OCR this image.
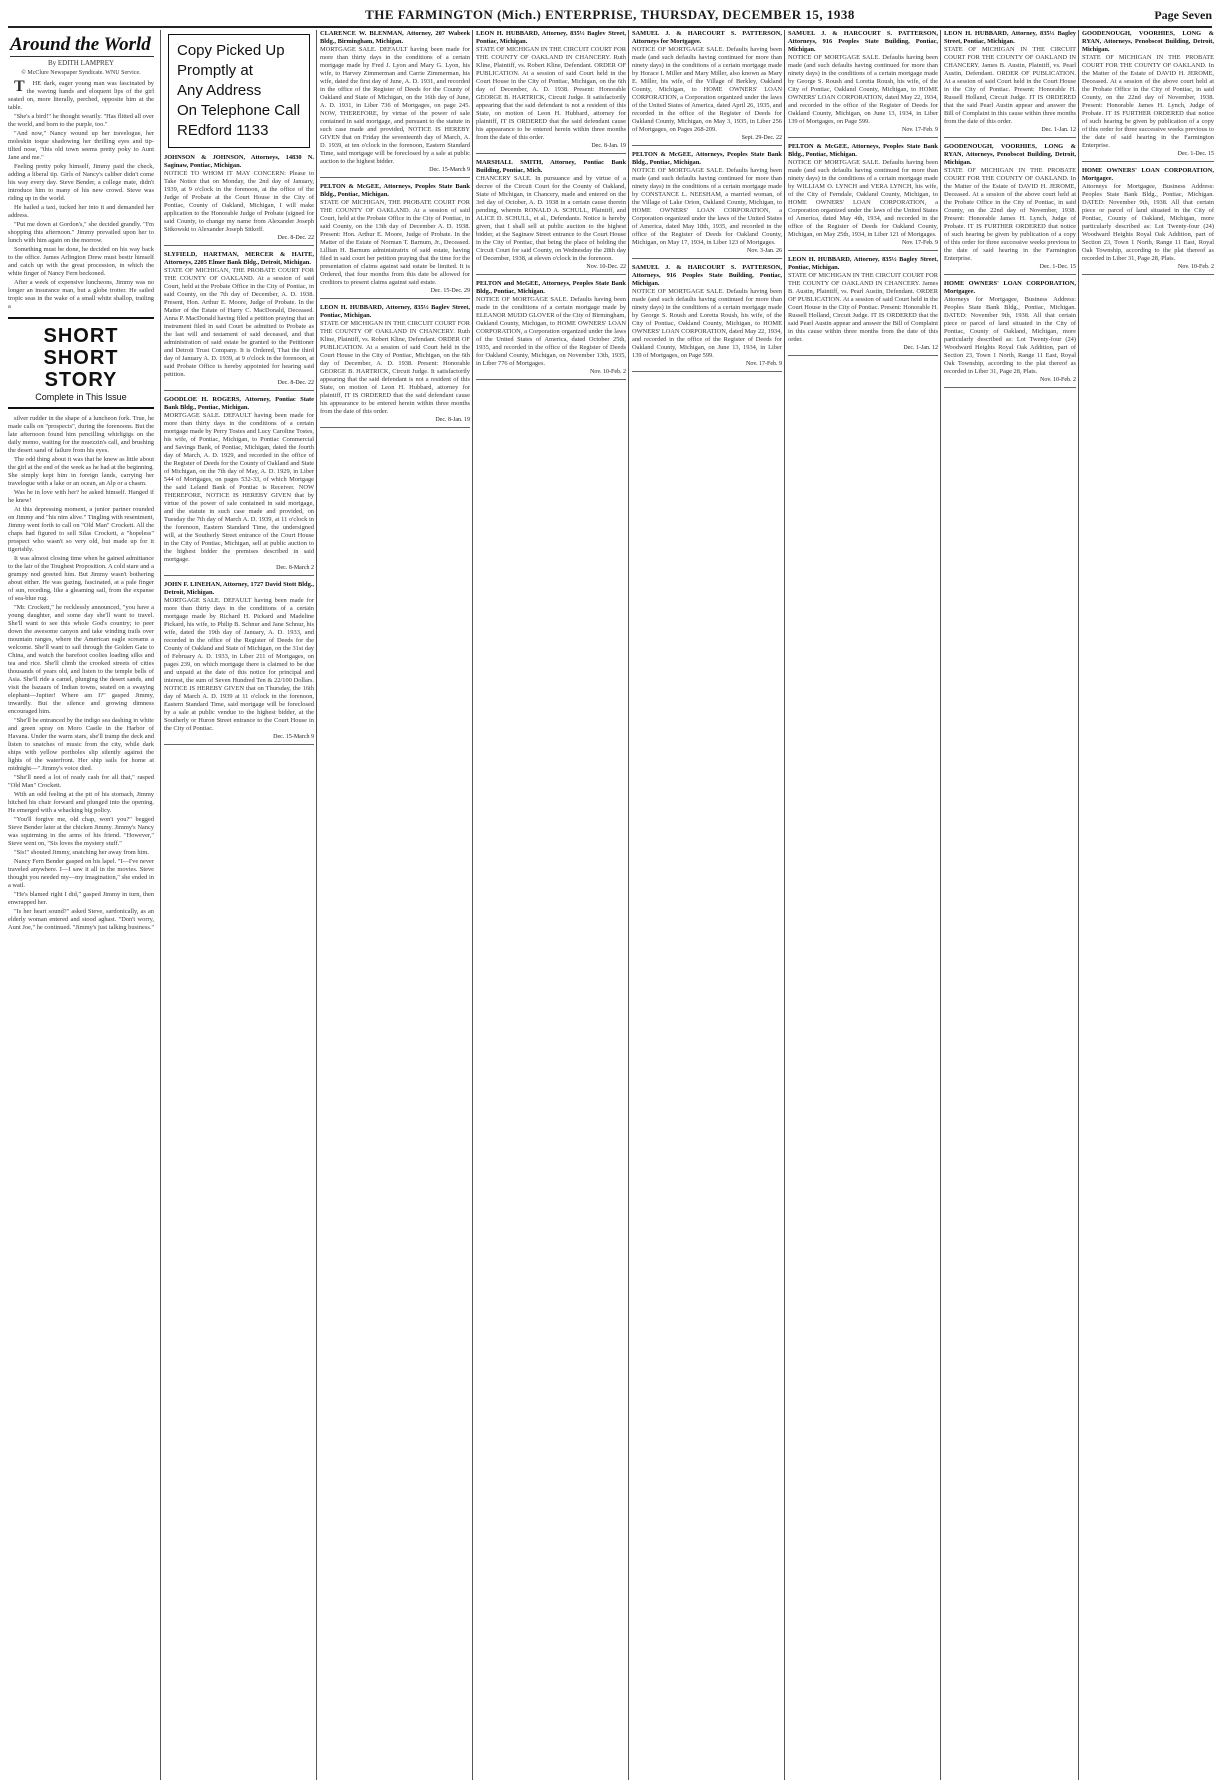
THE FARMINGTON (Mich.) ENTERPRISE, THURSDAY, DECEMBER 15, 1938	Page Seven
Around the World
By EDITH LAMPREY
© McClure Newspaper Syndicate. WNU Service.

THE dark, eager young man was fascinated by the waving hands and eloquent lips of the girl seated on, more literally, perched, opposite him at the table.

"She's a bird!" he thought wearily. "Has flitted all over the world, and born to the purple, too."

"And now," Nancy wound up her travelogue, her moleskin toque shadowing her thrilling eyes and tip-tilted nose, "this old town seems pretty poky to Aunt Jane and me."

Feeling pretty poky himself, Jimmy paid the check, adding a liberal tip. Girls of Nancy's caliber didn't come his way every day. Steve Bender, a college mate, didn't introduce him to many of his new crowd. Steve was riding up in the world.

He hailed a taxi, tucked her into it and demanded her address.

"Put me down at Gordon's," she decided grandly. "I'm shopping this afternoon." Jimmy prevailed upon her to lunch with him again on the morrow.

Something must be done, he decided on his way back to the office. James Arlington Drew must bestir himself and catch up with the great procession, in which the white finger of Nancy Fern beckoned.

After a week of expensive luncheons, Jimmy was no longer an insurance man, but a globe trotter. He sailed tropic seas in the wake of a small white shallop, trailing a

SHORT SHORT STORY
Complete in This Issue

silver rudder in the shape of a luncheon fork. True, he made calls on "prospects", during the forenoons. But the late afternoon found him pencilling whirligigs on the daily memo, waiting for the muezzin's call, and brushing the desert sand of failure from his eyes.

The odd thing about it was that he knew as little about the girl at the end of the week as he had at the beginning. She simply kept him in foreign lands, carrying her travelogue with a lake or an ocean, an Alp or a chasm.

Was he in love with her? he asked himself. Hanged if he knew!

At this depressing moment, a junior partner rounded on Jimmy and "his nim alive." Tingling with resentment, Jimmy went forth to call on "Old Man" Crockett. All the chaps had figured to sell Silas Crockett, a "hopeless" prospect who wasn't so very old, but made up for it tigerishly.

It was almost closing time when he gained admittance to the lair of the Toughest Proposition. A cold stare and a grumpy nod greeted him. But Jimmy wasn't bothering about either. He was gazing, fascinated, at a pale finger of sun, receding, like a gleaming sail, from the expanse of sea-blue rug.

"Mr. Crockett," he recklessly announced, "you have a young daughter, and some day she'll want to travel. She'll want to see this whole God's country; to peer down the awesome canyon and take winding trails over mountain ranges, where the American eagle screams a welcome. She'll want to sail through the Golden Gate to China, and watch the barefoot coolies loading silks and tea and rice. She'll climb the crooked streets of cities thousands of years old, and listen to the temple bells of Asia. She'll ride a camel, plunging the desert sands, and visit the bazaars of Indian towns, seated on a swaying elephant—Jupiter! Where am I?" gasped Jimmy, inwardly. But the silence and growing dimness encouraged him.

"She'll be entranced by the indigo sea dashing in white and green spray on Moro Castle in the Harbor of Havana. Under the warm stars, she'll tramp the deck and listen to snatches of music from the city, while dark ships with yellow portholes slip silently against the lights of the waterfront. Her ship sails for home at midnight—" Jimmy's voice died.

"She'll need a lot of ready cash for all that," rasped "Old Man" Crockett.

With an odd feeling at the pit of his stomach, Jimmy hitched his chair forward and plunged into the opening. He emerged with a whacking big policy.

"You'll forgive me, old chap, won't you?" begged Steve Bender later at the chicken Jimmy. Jimmy's Nancy was squirming in the arms of his friend. "However," Steve went on, "Sis loves the mystery stuff."

"Sis!" shouted Jimmy, snatching her away from him.

Nancy Fern Bender gasped on his lapel. "I—I've never traveled anywhere. I—I saw it all in the movies. Steve thought you needed my—my imagination," she ended in a wail.

"He's blamed right I did," gasped Jimmy in turn, then enwrapped her.

"Is her heart sound?" asked Steve, sardonically, as an elderly woman entered and stood aghast. "Don't worry, Aunt Joe," he continued. "Jimmy's just talking business."

Copy Picked Up
Promptly at
Any Address
On Telephone Call
REdford 1133
JOHNSON & JOHNSON, Attorneys, 14830 N. Saginaw, Pontiac, Michigan.
NOTICE TO WHOM IT MAY CONCERN: Please to Take Notice that on Monday, the 2nd day of January, 1939, at 9 o'clock in the forenoon, at the office of the Judge of Probate at the Court House in the City of Pontiac, County of Oakland, Michigan, I will make application to the Honorable Judge of Probate (signed for said County, to change my name from Alexander Joseph Sitkowski to Alexander Joseph Sitkoff.
Dec. 8-Dec. 22
SLYFIELD, HARTMAN, MERCER & HAITE, Attorneys, 2205 Elmer Bank Bldg., Detroit, Michigan.
STATE OF MICHIGAN, THE PROBATE COURT FOR THE COUNTY OF OAKLAND. At a session of said Court, held at the Probate Office in the City of Pontiac, in said County, on the 7th day of December, A. D. 1938. Present, Hon. Arthur E. Moore, Judge of Probate. In the Matter of the Estate of Harry C. MacDonald, Deceased. Anna P. MacDonald having filed a petition praying that an instrument filed in said Court be admitted to Probate as the last will and testament of said deceased, and that administration of said estate be granted to the Petitioner and Detroit Trust Company. It is Ordered, That the third day of January A. D. 1939, at 9 o'clock in the forenoon, at said Probate Office is hereby appointed for hearing said petition.
Dec. 8-Dec. 22
GOODLOE H. ROGERS, Attorney, Pontiac State Bank Bldg., Pontiac, Michigan.
MORTGAGE SALE. DEFAULT having been made for more than thirty days in the conditions of a certain mortgage made by Perry Tostes and Lucy Caroline Tostes, his wife, of Pontiac, Michigan, to Pontiac Commercial and Savings Bank, of Pontiac, Michigan, dated the fourth day of March, A. D. 1929, and recorded in the office of the Register of Deeds for the County of Oakland and State of Michigan, on the 7th day of May, A. D. 1929, in Liber 544 of Mortgages, on pages 532-33, of which Mortgage the said Leland Bank of Pontiac is Receiver. NOW THEREFORE, NOTICE IS HEREBY GIVEN that by virtue of the power of sale contained in said mortgage, and the statute in such case made and provided, on Tuesday the 7th day of March A. D. 1939, at 11 o'clock in the forenoon, Eastern Standard Time, the undersigned will, at the Southerly Street entrance of the Court House in the City of Pontiac, Michigan, sell at public auction to the highest bidder the premises described in said mortgage.
Dec. 8-March 2
JOHN F. LINEHAN, Attorney, 1727 David Stott Bldg., Detroit, Michigan.
MORTGAGE SALE. DEFAULT having been made for more than thirty days in the conditions of a certain mortgage made by Richard H. Pickard and Madeline Pickard, his wife, to Philip B. Schnur and Jane Schnur, his wife, dated the 19th day of January, A. D. 1933, and recorded in the office of the Register of Deeds for the County of Oakland and State of Michigan, on the 31st day of February A. D. 1933, in Liber 211 of Mortgages, on pages 239, on which mortgage there is claimed to be due and unpaid at the date of this notice for principal and interest, the sum of Seven Hundred Ten & 22/100 Dollars. NOTICE IS HEREBY GIVEN that on Thursday, the 16th day of March A. D. 1939 at 11 o'clock in the forenoon, Eastern Standard Time, said mortgage will be foreclosed by a sale at public vendue to the highest bidder, at the Southerly or Huron Street entrance to the Court House in the City of Pontiac.
Dec. 15-March 9
CLARENCE W. BLENMAN, Attorney, 207 Wabeek Bldg., Birmingham, Michigan.
MORTGAGE SALE. DEFAULT having been made for more than thirty days in the conditions of a certain mortgage made by Fred J. Lyon and Mary G. Lyon, his wife, to Harvey Zimmerman and Carrie Zimmerman, his wife, dated the first day of June, A. D. 1931, and recorded in the office of the Register of Deeds for the County of Oakland and State of Michigan, on the 16th day of June, A. D. 1931, in Liber 736 of Mortgages, on page 245. NOW, THEREFORE, by virtue of the power of sale contained in said mortgage, and pursuant to the statute in such case made and provided, NOTICE IS HEREBY GIVEN that on Friday the seventeenth day of March, A. D. 1939, at ten o'clock in the forenoon, Eastern Standard Time, said mortgage will be foreclosed by a sale at public auction to the highest bidder.
Dec. 15-March 9
PELTON & McGEE, Attorneys, Peoples State Bank Bldg., Pontiac, Michigan.
STATE OF MICHIGAN, THE PROBATE COURT FOR THE COUNTY OF OAKLAND. At a session of said Court, held at the Probate Office in the City of Pontiac, in said County, on the 13th day of December A. D. 1938. Present: Hon. Arthur E. Moore, Judge of Probate. In the Matter of the Estate of Norman T. Barnum, Jr., Deceased. Lillian H. Barnum administratrix of said estate, having filed in said court her petition praying that the time for the presentation of claims against said estate be limited. It is Ordered, that four months from this date be allowed for creditors to present claims against said estate.
Dec. 15-Dec. 29
LEON H. HUBBARD, Attorney, 835½ Baglev Street, Pontiac, Michigan.
STATE OF MICHIGAN IN THE CIRCUIT COURT FOR THE COUNTY OF OAKLAND IN CHANCERY. Ruth Kline, Plaintiff, vs. Robert Kline, Defendant. ORDER OF PUBLICATION. At a session of said Court held in the Court House in the City of Pontiac, Michigan, on the 6th day of December, A. D. 1938. Present: Honorable GEORGE B. HARTRICK, Circuit Judge. It satisfactorily appearing that the said defendant is not a resident of this State, on motion of Leon H. Hubbard, attorney for plaintiff, IT IS ORDERED that the said defendant cause his appearance to be entered herein within three months from the date of this order.
Dec. 8-Jan. 19
LEON H. HUBBARD, Attorney, 835½ Baglev Street, Pontiac, Michigan.
STATE OF MICHIGAN IN THE CIRCUIT COURT FOR THE COUNTY OF OAKLAND IN CHANCERY. Ruth Kline, Plaintiff, vs. Robert Kline, Defendant. ORDER OF PUBLICATION. At a session of said Court held in the Court House in the City of Pontiac, Michigan, on the 6th day of December, A. D. 1938. Present: Honorable GEORGE B. HARTRICK, Circuit Judge. It satisfactorily appearing that the said defendant is not a resident of this State, on motion of Leon H. Hubbard, attorney for plaintiff, IT IS ORDERED that the said defendant cause his appearance to be entered herein within three months from the date of this order.
Dec. 8-Jan. 19
MARSHALL SMITH, Attorney, Pontiac Bank Building, Pontiac, Mich.
CHANCERY SALE. In pursuance and by virtue of a decree of the Circuit Court for the County of Oakland, State of Michigan, in Chancery, made and entered on the 3rd day of October, A. D. 1938 in a certain cause therein pending, wherein RONALD A. SCHULL, Plaintiff, and ALICE D. SCHULL, et al., Defendants. Notice is hereby given, that I shall sell at public auction to the highest bidder, at the Saginaw Street entrance to the Court House in the City of Pontiac, that being the place of holding the Circuit Court for said County, on Wednesday the 28th day of December, 1938, at eleven o'clock in the forenoon.
Nov. 10-Dec. 22
PELTON and McGEE, Attorneys, Peoples State Bank Bldg., Pontiac, Michigan.
NOTICE OF MORTGAGE SALE. Defaults having been made in the conditions of a certain mortgage made by ELEANOR MUDD GLOVER of the City of Birmingham, Oakland County, Michigan, to HOME OWNERS' LOAN CORPORATION, a Corporation organized under the laws of the United States of America, dated October 25th, 1935, and recorded in the office of the Register of Deeds for Oakland County, Michigan, on November 13th, 1935, in Liber 776 of Mortgages.
Nov. 10-Feb. 2
SAMUEL J. & HARCOURT S. PATTERSON, Attorneys for Mortgagee.
NOTICE OF MORTGAGE SALE. Defaults having been made (and such defaults having continued for more than ninety days) in the conditions of a certain mortgage made by Horace I. Miller and Mary Miller, also known as Mary E. Miller, his wife, of the Village of Berkley, Oakland County, Michigan, to HOME OWNERS' LOAN CORPORATION, a Corporation organized under the laws of the United States of America, dated April 26, 1935, and recorded in the office of the Register of Deeds for Oakland County, Michigan, on May 3, 1935, in Liber 256 of Mortgages, on Pages 268-209.
Sept. 29-Dec. 22
PELTON & McGEE, Attorneys, Peoples State Bank Bldg., Pontiac, Michigan.
NOTICE OF MORTGAGE SALE. Defaults having been made (and such defaults having continued for more than ninety days) in the conditions of a certain mortgage made by CONSTANCE L. NEESHAM, a married woman, of the Village of Lake Orion, Oakland County, Michigan, to HOME OWNERS' LOAN CORPORATION, a Corporation organized under the laws of the United States of America, dated May 18th, 1935, and recorded in the office of the Register of Deeds for Oakland County, Michigan, on May 17, 1934, in Liber 123 of Mortgages.
Nov. 3-Jan. 26
SAMUEL J. & HARCOURT S. PATTERSON, Attorneys, 916 Peoples State Building, Pontiac, Michigan.
NOTICE OF MORTGAGE SALE. Defaults having been made (and such defaults having continued for more than ninety days) in the conditions of a certain mortgage made by George S. Roush and Loretta Roush, his wife, of the City of Pontiac, Oakland County, Michigan, to HOME OWNERS' LOAN CORPORATION, dated May 22, 1934, and recorded in the office of the Register of Deeds for Oakland County, Michigan, on June 13, 1934, in Liber 139 of Mortgages, on Page 599.
Nov. 17-Feb. 9
SAMUEL J. & HARCOURT S. PATTERSON, Attorneys, 916 Peoples State Building, Pontiac, Michigan.
NOTICE OF MORTGAGE SALE. Defaults having been made (and such defaults having continued for more than ninety days) in the conditions of a certain mortgage made by George S. Roush and Loretta Roush, his wife, of the City of Pontiac, Oakland County, Michigan, to HOME OWNERS' LOAN CORPORATION, dated May 22, 1934, and recorded in the office of the Register of Deeds for Oakland County, Michigan, on June 13, 1934, in Liber 139 of Mortgages, on Page 599.
Nov. 17-Feb. 9
PELTON & McGEE, Attorneys, Peoples State Bank Bldg., Pontiac, Michigan.
NOTICE OF MORTGAGE SALE. Defaults having been made (and such defaults having continued for more than ninety days) in the conditions of a certain mortgage made by WILLIAM O. LYNCH and VERA LYNCH, his wife, of the City of Ferndale, Oakland County, Michigan, to HOME OWNERS' LOAN CORPORATION, a Corporation organized under the laws of the United States of America, dated May 4th, 1934, and recorded in the office of the Register of Deeds for Oakland County, Michigan, on May 25th, 1934, in Liber 121 of Mortgages.
Nov. 17-Feb. 9
LEON H. HUBBARD, Attorney, 835½ Bagley Street, Pontiac, Michigan.
STATE OF MICHIGAN IN THE CIRCUIT COURT FOR THE COUNTY OF OAKLAND IN CHANCERY. James B. Austin, Plaintiff, vs. Pearl Austin, Defendant. ORDER OF PUBLICATION. At a session of said Court held in the Court House in the City of Pontiac. Present: Honorable H. Russell Holland, Circuit Judge. IT IS ORDERED that the said Pearl Austin appear and answer the Bill of Complaint in this cause within three months from the date of this order.
Dec. 1-Jan. 12
LEON H. HUBBARD, Attorney, 835½ Bagley Street, Pontiac, Michigan.
STATE OF MICHIGAN IN THE CIRCUIT COURT FOR THE COUNTY OF OAKLAND IN CHANCERY. James B. Austin, Plaintiff, vs. Pearl Austin, Defendant. ORDER OF PUBLICATION. At a session of said Court held in the Court House in the City of Pontiac. Present: Honorable H. Russell Holland, Circuit Judge. IT IS ORDERED that the said Pearl Austin appear and answer the Bill of Complaint in this cause within three months from the date of this order.
Dec. 1-Jan. 12
GOODENOUGH, VOORHIES, LONG & RYAN, Attorneys, Penobscot Building, Detroit, Michigan.
STATE OF MICHIGAN IN THE PROBATE COURT FOR THE COUNTY OF OAKLAND. In the Matter of the Estate of DAVID H. JEROME, Deceased. At a session of the above court held at the Probate Office in the City of Pontiac, in said County, on the 22nd day of November, 1938. Present: Honorable James H. Lynch, Judge of Probate. IT IS FURTHER ORDERED that notice of such hearing be given by publication of a copy of this order for three successive weeks previous to the date of said hearing in the Farmington Enterprise.
Dec. 1-Dec. 15
HOME OWNERS' LOAN CORPORATION, Mortgagee.
Attorneys for Mortgagee, Business Address: Peoples State Bank Bldg., Pontiac, Michigan. DATED: November 9th, 1938. All that certain piece or parcel of land situated in the City of Pontiac, County of Oakland, Michigan, more particularly described as: Lot Twenty-four (24) Woodward Heights Royal Oak Addition, part of Section 23, Town 1 North, Range 11 East, Royal Oak Township, according to the plat thereof as recorded in Liber 31, Page 28, Plats.
Nov. 10-Feb. 2
GOODENOUGH, VOORHIES, LONG & RYAN, Attorneys, Penobscot Building, Detroit, Michigan.
STATE OF MICHIGAN IN THE PROBATE COURT FOR THE COUNTY OF OAKLAND. In the Matter of the Estate of DAVID H. JEROME, Deceased. At a session of the above court held at the Probate Office in the City of Pontiac, in said County, on the 22nd day of November, 1938. Present: Honorable James H. Lynch, Judge of Probate. IT IS FURTHER ORDERED that notice of such hearing be given by publication of a copy of this order for three successive weeks previous to the date of said hearing in the Farmington Enterprise.
Dec. 1-Dec. 15
HOME OWNERS' LOAN CORPORATION, Mortgagee.
Attorneys for Mortgagee, Business Address: Peoples State Bank Bldg., Pontiac, Michigan. DATED: November 9th, 1938. All that certain piece or parcel of land situated in the City of Pontiac, County of Oakland, Michigan, more particularly described as: Lot Twenty-four (24) Woodward Heights Royal Oak Addition, part of Section 23, Town 1 North, Range 11 East, Royal Oak Township, according to the plat thereof as recorded in Liber 31, Page 28, Plats.
Nov. 10-Feb. 2
